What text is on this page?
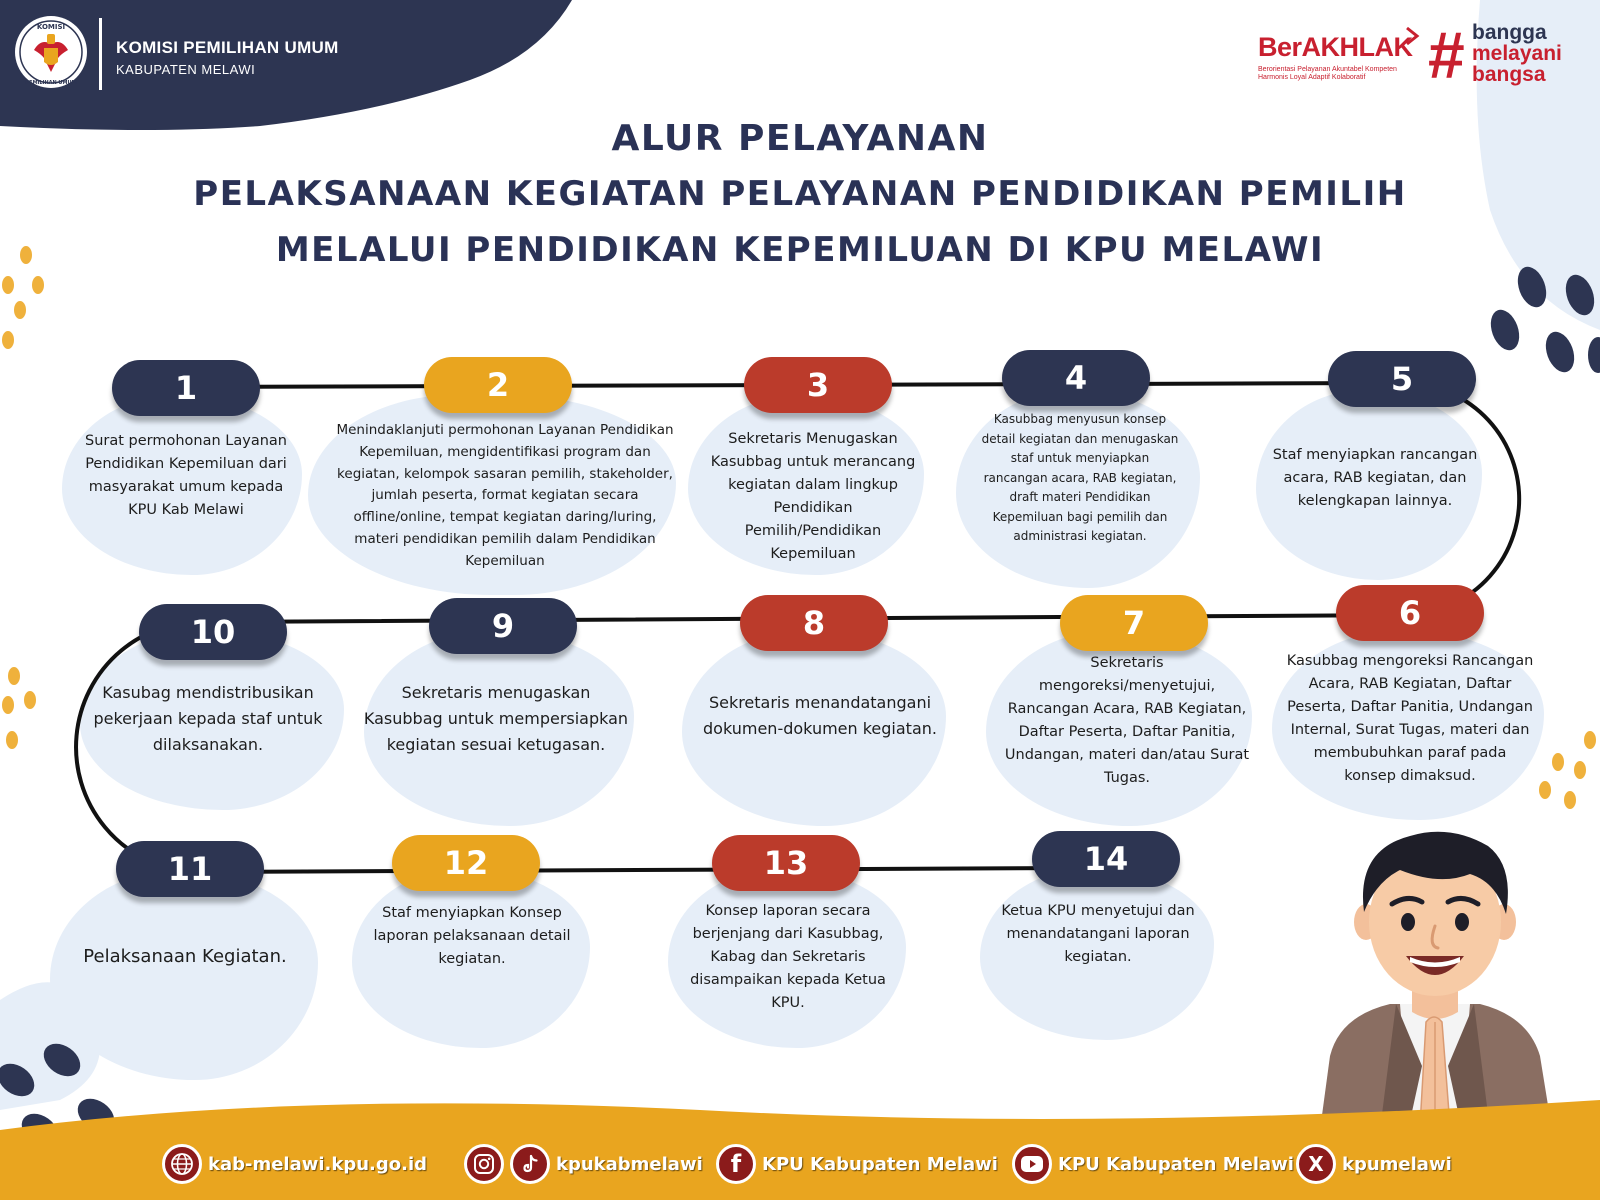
KOMISI
PEMILIHAN UMUM
KOMISI PEMILIHAN UMUM
KABUPATEN MELAWI
BerAKHLAK
Berorientasi Pelayanan Akuntabel Kompeten Harmonis Loyal Adaptif Kolaboratif # bangga
melayani
bangsa
ALUR PELAYANAN
PELAKSANAAN KEGIATAN PELAYANAN PENDIDIKAN PEMILIH
MELALUI PENDIDIKAN KEPEMILUAN DI KPU MELAWI
1	2	3	4	5
6
7
8
9
10
11	12	13	14
Surat permohonan Layanan Pendidikan Kepemiluan dari masyarakat umum kepada KPU Kab Melawi
Menindaklanjuti permohonan Layanan Pendidikan Kepemiluan, mengidentifikasi program dan kegiatan, kelompok sasaran pemilih, stakeholder, jumlah peserta, format kegiatan secara offline/online, tempat kegiatan daring/luring, materi pendidikan pemilih dalam Pendidikan Kepemiluan
Sekretaris Menugaskan Kasubbag untuk merancang kegiatan dalam lingkup Pendidikan Pemilih/Pendidikan Kepemiluan
Kasubbag menyusun konsep detail kegiatan dan menugaskan staf untuk menyiapkan rancangan acara, RAB kegiatan, draft materi Pendidikan Kepemiluan bagi pemilih dan administrasi kegiatan.
Staf menyiapkan rancangan acara, RAB kegiatan, dan kelengkapan lainnya.
Kasubbag mengoreksi Rancangan Acara, RAB Kegiatan, Daftar Peserta, Daftar Panitia, Undangan Internal, Surat Tugas, materi dan membubuhkan paraf pada konsep dimaksud.
Sekretaris mengoreksi/menyetujui, Rancangan Acara, RAB Kegiatan, Daftar Peserta, Daftar Panitia, Undangan, materi dan/atau Surat Tugas.
Sekretaris menandatangani dokumen-dokumen kegiatan.
Sekretaris menugaskan Kasubbag untuk mempersiapkan kegiatan sesuai ketugasan.
Kasubag mendistribusikan pekerjaan kepada staf untuk dilaksanakan.
Pelaksanaan Kegiatan.
Staf menyiapkan Konsep laporan pelaksanaan detail kegiatan.
Konsep laporan secara berjenjang dari Kasubbag, Kabag dan Sekretaris disampaikan kepada Ketua KPU.
Ketua KPU menyetujui dan menandatangani laporan kegiatan.
kab-melawi.kpu.go.id	kpukabmelawi f KPU Kabupaten Melawi	KPU Kabupaten Melawi X kpumelawi
